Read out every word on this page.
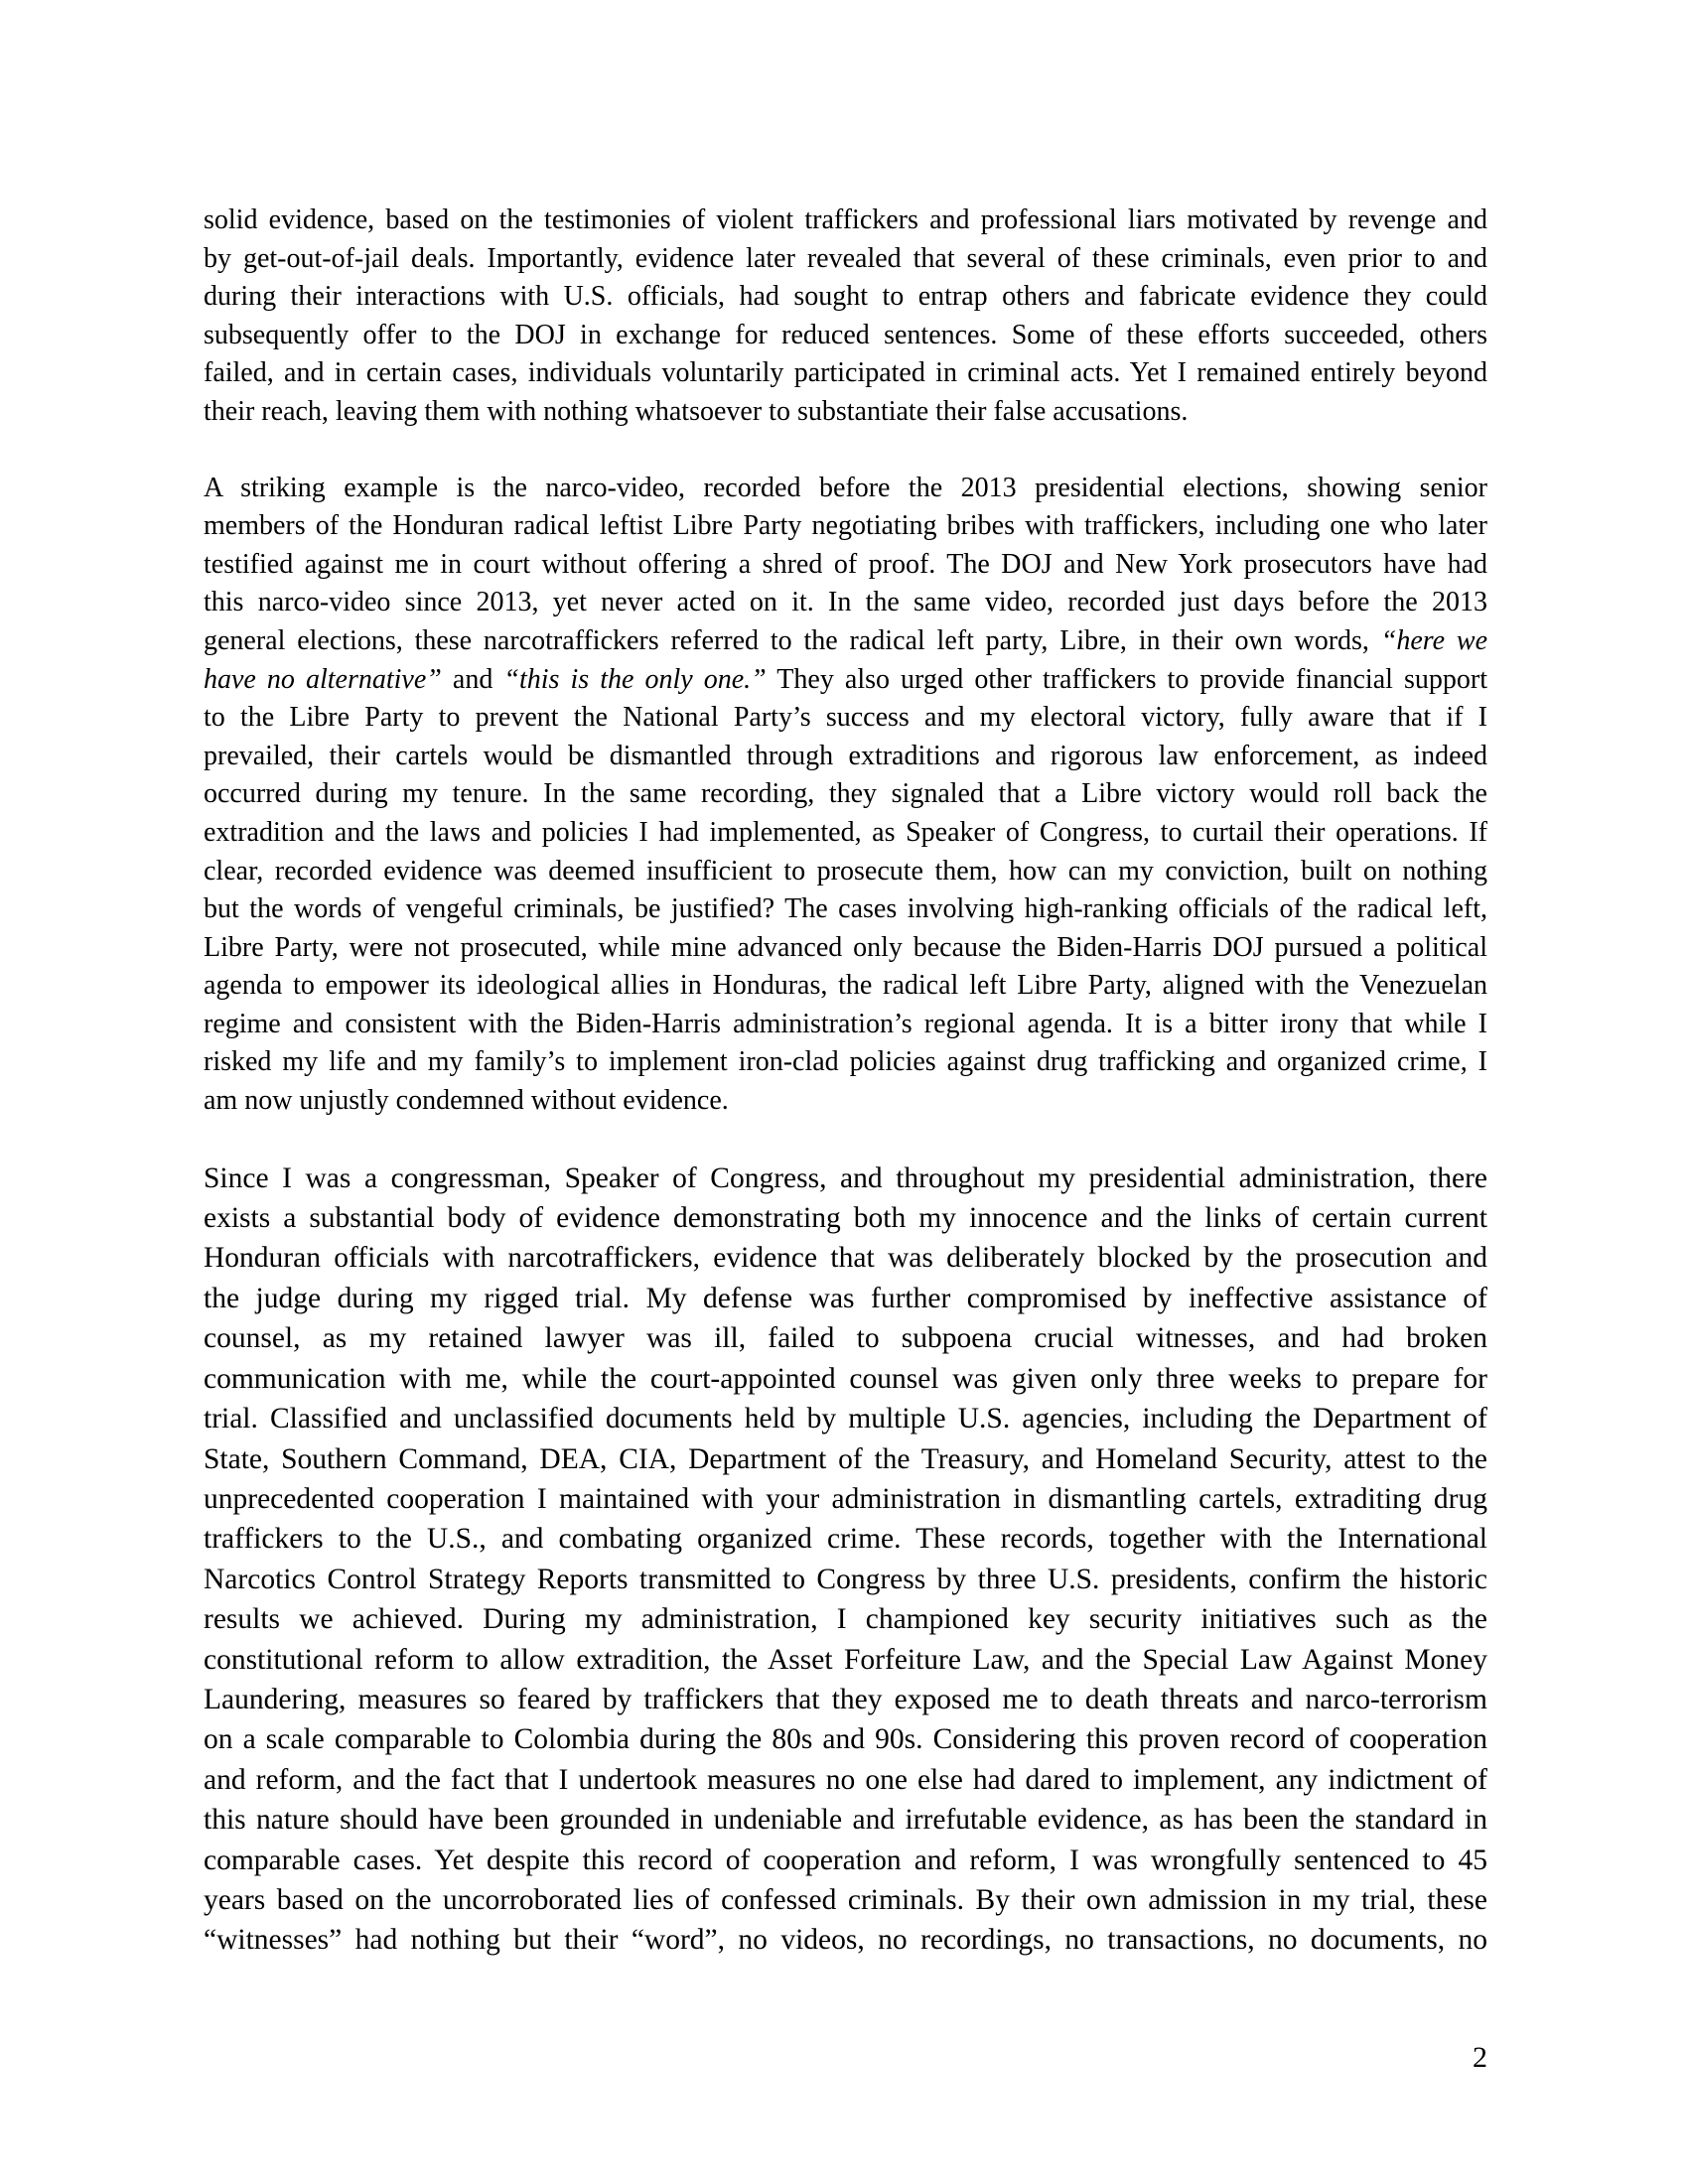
solid evidence, based on the testimonies of violent traffickers and professional liars motivated by revenge and
by get-out-of-jail deals. Importantly, evidence later revealed that several of these criminals, even prior to and
during their interactions with U.S. officials, had sought to entrap others and fabricate evidence they could
subsequently offer to the DOJ in exchange for reduced sentences. Some of these efforts succeeded, others
failed, and in certain cases, individuals voluntarily participated in criminal acts. Yet I remained entirely beyond
their reach, leaving them with nothing whatsoever to substantiate their false accusations.
A striking example is the narco-video, recorded before the 2013 presidential elections, showing senior
members of the Honduran radical leftist Libre Party negotiating bribes with traffickers, including one who later
testified against me in court without offering a shred of proof. The DOJ and New York prosecutors have had
this narco-video since 2013, yet never acted on it. In the same video, recorded just days before the 2013
general elections, these narcotraffickers referred to the radical left party, Libre, in their own words, “here we
have no alternative” and “this is the only one.” They also urged other traffickers to provide financial support
to the Libre Party to prevent the National Party’s success and my electoral victory, fully aware that if I
prevailed, their cartels would be dismantled through extraditions and rigorous law enforcement, as indeed
occurred during my tenure. In the same recording, they signaled that a Libre victory would roll back the
extradition and the laws and policies I had implemented, as Speaker of Congress, to curtail their operations. If
clear, recorded evidence was deemed insufficient to prosecute them, how can my conviction, built on nothing
but the words of vengeful criminals, be justified? The cases involving high-ranking officials of the radical left,
Libre Party, were not prosecuted, while mine advanced only because the Biden-Harris DOJ pursued a political
agenda to empower its ideological allies in Honduras, the radical left Libre Party, aligned with the Venezuelan
regime and consistent with the Biden-Harris administration’s regional agenda. It is a bitter irony that while I
risked my life and my family’s to implement iron-clad policies against drug trafficking and organized crime, I
am now unjustly condemned without evidence.
Since I was a congressman, Speaker of Congress, and throughout my presidential administration, there
exists a substantial body of evidence demonstrating both my innocence and the links of certain current
Honduran officials with narcotraffickers, evidence that was deliberately blocked by the prosecution and
the judge during my rigged trial. My defense was further compromised by ineffective assistance of
counsel, as my retained lawyer was ill, failed to subpoena crucial witnesses, and had broken
communication with me, while the court-appointed counsel was given only three weeks to prepare for
trial. Classified and unclassified documents held by multiple U.S. agencies, including the Department of
State, Southern Command, DEA, CIA, Department of the Treasury, and Homeland Security, attest to the
unprecedented cooperation I maintained with your administration in dismantling cartels, extraditing drug
traffickers to the U.S., and combating organized crime. These records, together with the International
Narcotics Control Strategy Reports transmitted to Congress by three U.S. presidents, confirm the historic
results we achieved. During my administration, I championed key security initiatives such as the
constitutional reform to allow extradition, the Asset Forfeiture Law, and the Special Law Against Money
Laundering, measures so feared by traffickers that they exposed me to death threats and narco-terrorism
on a scale comparable to Colombia during the 80s and 90s. Considering this proven record of cooperation
and reform, and the fact that I undertook measures no one else had dared to implement, any indictment of
this nature should have been grounded in undeniable and irrefutable evidence, as has been the standard in
comparable cases. Yet despite this record of cooperation and reform, I was wrongfully sentenced to 45
years based on the uncorroborated lies of confessed criminals. By their own admission in my trial, these
“witnesses” had nothing but their “word”, no videos, no recordings, no transactions, no documents, no
2
